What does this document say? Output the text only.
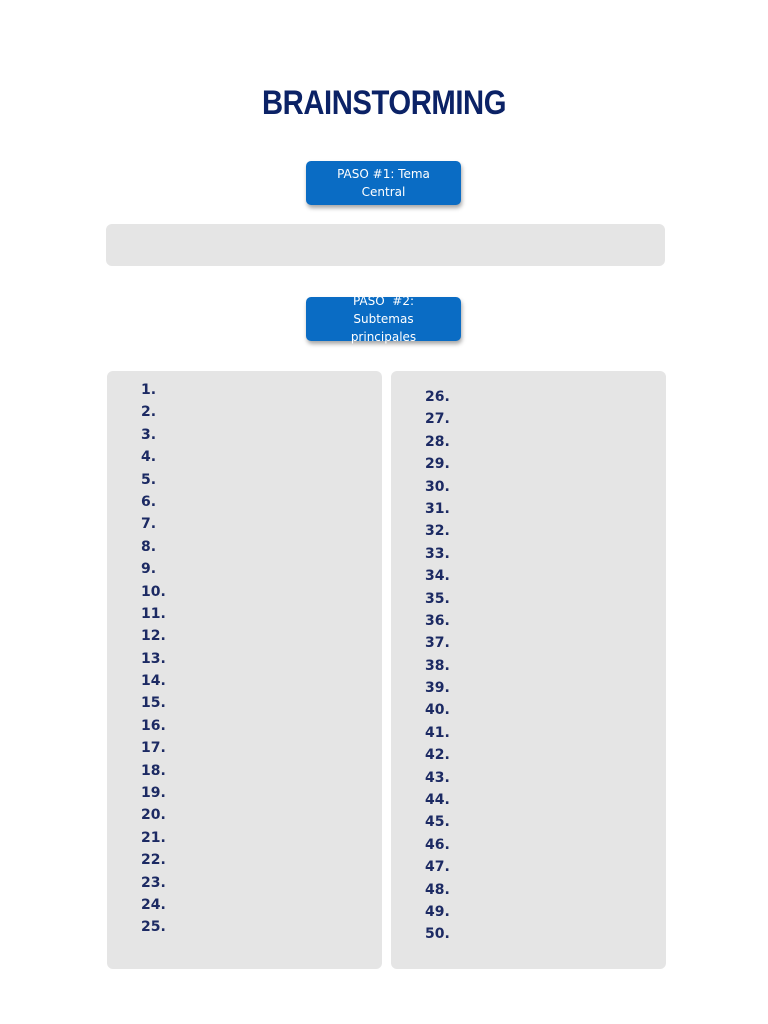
BRAINSTORMING
PASO #1: Tema Central
PASO  #2: Subtemas principales
1.
2.
3.
4.
5.
6.
7.
8.
9.
10.
11.
12.
13.
14.
15.
16.
17.
18.
19.
20.
21.
22.
23.
24.
25.
26.
27.
28.
29.
30.
31.
32.
33.
34.
35.
36.
37.
38.
39.
40.
41.
42.
43.
44.
45.
46.
47.
48.
49.
50.
